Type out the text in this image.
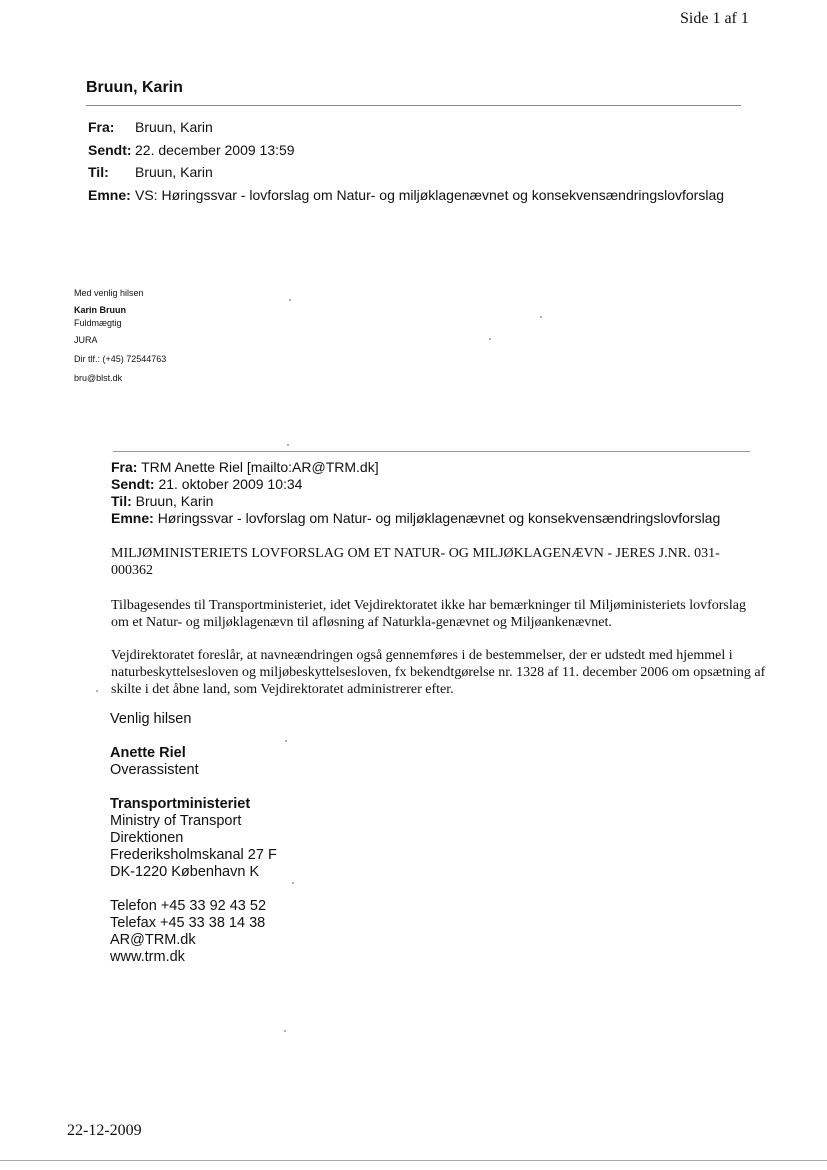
Side 1 af 1
Bruun, Karin
Fra:	Bruun, Karin
Sendt: 22. december 2009 13:59
Til:	Bruun, Karin
Emne: VS: Høringssvar - lovforslag om Natur- og miljøklagenævnet og konsekvensændringslovforslag
Med venlig hilsen
Karin Bruun
Fuldmægtig
JURA
Dir tlf.: (+45) 72544763
bru@blst.dk
Fra: TRM Anette Riel [mailto:AR@TRM.dk]
Sendt: 21. oktober 2009 10:34
Til: Bruun, Karin
Emne: Høringssvar - lovforslag om Natur- og miljøklagenævnet og konsekvensændringslovforslag
MILJØMINISTERIETS LOVFORSLAG OM ET NATUR- OG MILJØKLAGENÆVN - JERES J.NR. 031-000362
Tilbagesendes til Transportministeriet, idet Vejdirektoratet ikke har bemærkninger til Miljøministeriets lovforslag om et Natur- og miljøklagenævn til afløsning af Naturkla-genævnet og Miljøankenævnet.
Vejdirektoratet foreslår, at navneændringen også gennemføres i de bestemmelser, der er udstedt med hjemmel i naturbeskyttelsesloven og miljøbeskyttelsesloven, fx bekendtgørelse nr. 1328 af 11. december 2006 om opsætning af skilte i det åbne land, som Vejdirektoratet administrerer efter.
Venlig hilsen
Anette Riel
Overassistent
Transportministeriet
Ministry of Transport
Direktionen
Frederiksholmskanal 27 F
DK-1220 København K
Telefon +45 33 92 43 52
Telefax +45 33 38 14 38
AR@TRM.dk
www.trm.dk
22-12-2009
